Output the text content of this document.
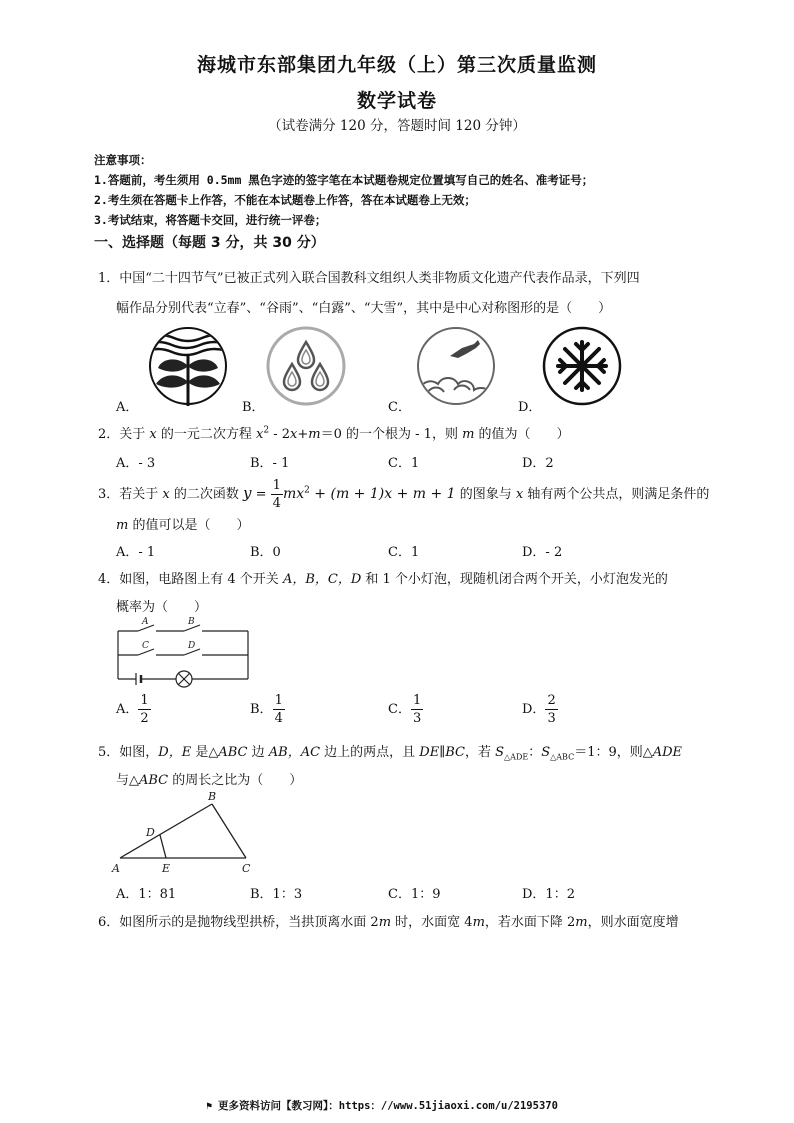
海城市东部集团九年级（上）第三次质量监测
数学试卷
（试卷满分 120 分，答题时间 120 分钟）
注意事项：
1.答题前，考生须用 0.5mm 黑色字迹的签字笔在本试题卷规定位置填写自己的姓名、准考证号；
2.考生须在答题卡上作答，不能在本试题卷上作答，答在本试题卷上无效；
3.考试结束，将答题卡交回，进行统一评卷；
一、选择题（每题 3 分，共 30 分）
1．中国“二十四节气”已被正式列入联合国教科文组织人类非物质文化遗产代表作品录，下列四
幅作品分别代表“立春”、“谷雨”、“白露”、“大雪”，其中是中心对称图形的是（　　）
A．	B．	C．	D．
2．关于 x 的一元二次方程 $x^2 - 2x+m=0$ 的一个根为 - 1，则 m 的值为（　　）
A．- 3	B．- 1	C．1	D．2
3．若关于 x 的二次函数 $y = \frac{1}{4} mx^2 + (m + 1)x + m + 1$ 的图象与 x 轴有两个公共点，则满足条件的
m 的值可以是（　　）
A．- 1	B．0	C．1	D．- 2
4．如图，电路图上有 4 个开关 A，B，C，D 和 1 个小灯泡，现随机闭合两个开关，小灯泡发光的
概率为（　　）
A	B
C	D
A． $\frac{1}{2}$	B． $\frac{1}{4}$	C． $\frac{1}{3}$	D． $\frac{2}{3}$
5．如图，D，E 是△ABC 边 AB，AC 边上的两点，且 DE∥BC，若 $S_{\triangle ADE}$：$S_{\triangle ABC}=1$：9，则△ADE
与△ABC 的周长之比为（　　）
A
B
C
D
E
A．1：81	B．1：3	C．1：9	D．1：2
6．如图所示的是抛物线型拱桥，当拱顶离水面 2m 时，水面宽 4m，若水面下降 2m，则水面宽度增
⚑ 更多资料访问【教习网】：https：//www.51jiaoxi.com/u/2195370
